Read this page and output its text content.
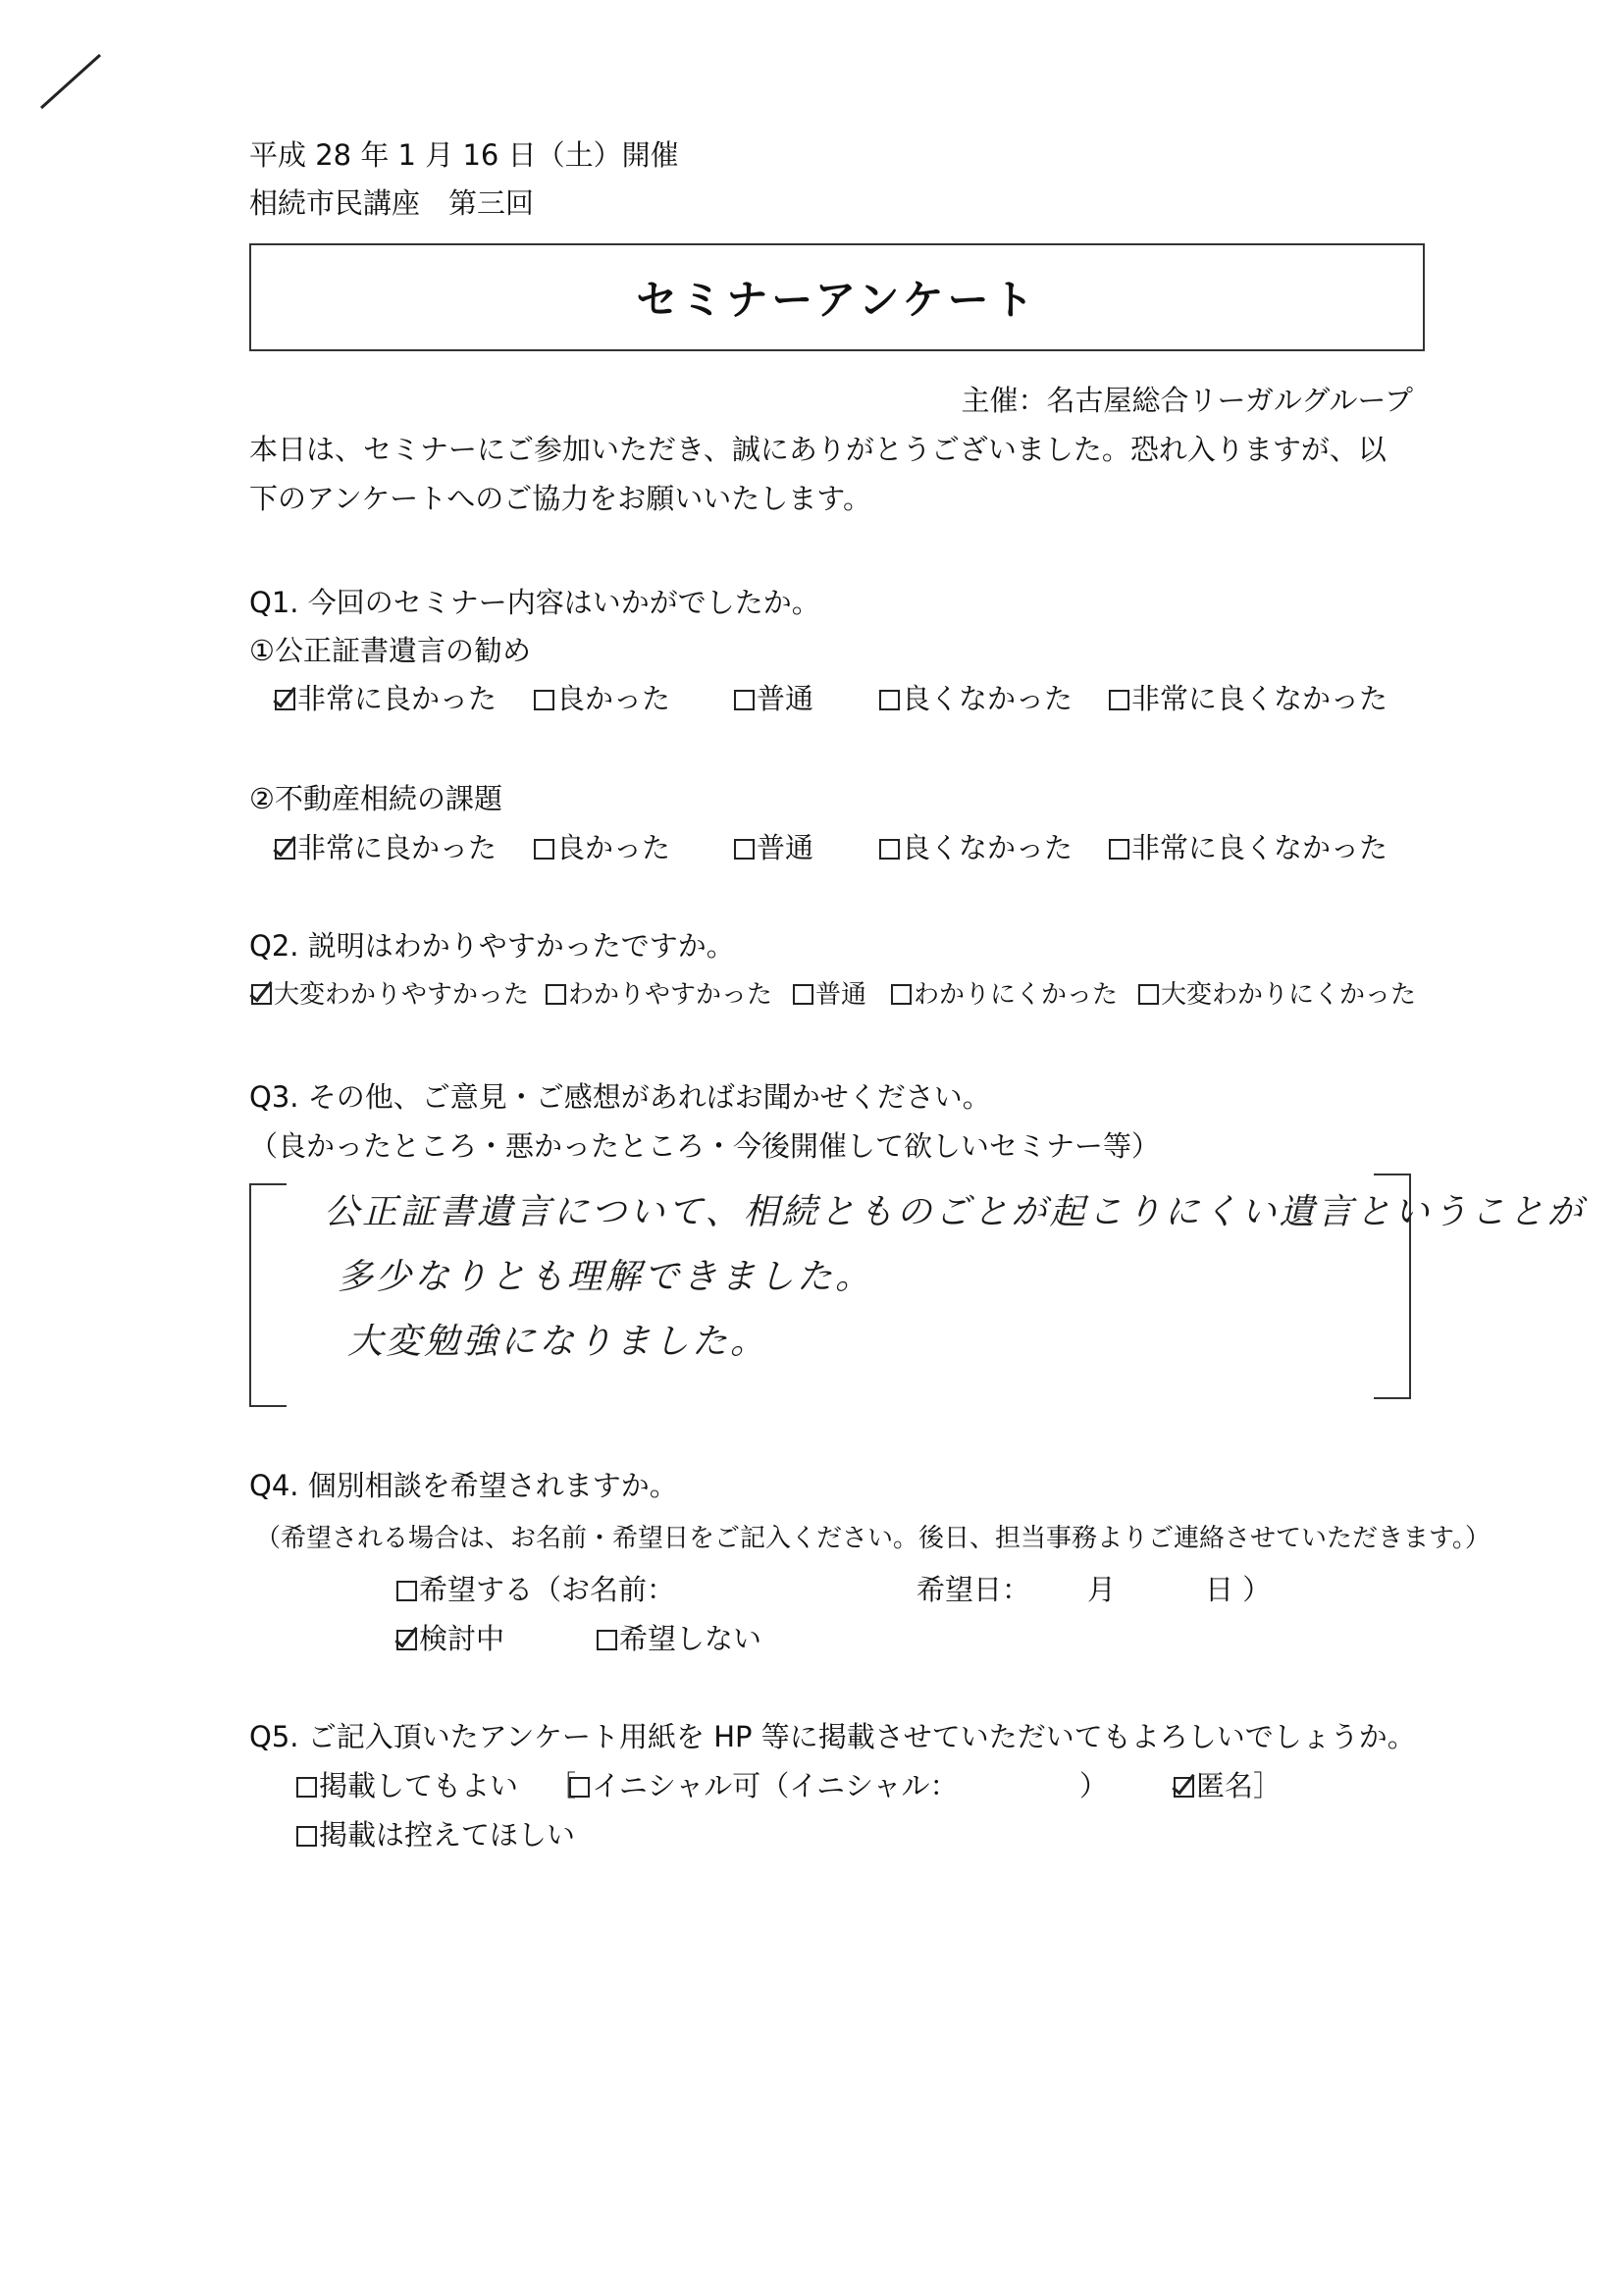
平成 28 年 1 月 16 日（土）開催
相続市民講座　第三回
セミナーアンケート
主催：名古屋総合リーガルグループ
本日は、セミナーにご参加いただき、誠にありがとうございました。恐れ入りますが、以
下のアンケートへのご協力をお願いいたします。
Q1. 今回のセミナー内容はいかがでしたか。
①公正証書遺言の勧め
非常に良かった	良かった	普通	良くなかった	非常に良くなかった
②不動産相続の課題
非常に良かった	良かった	普通	良くなかった	非常に良くなかった
Q2. 説明はわかりやすかったですか。
大変わかりやすかった	わかりやすかった	普通	わかりにくかった	大変わかりにくかった
Q3. その他、ご意見・ご感想があればお聞かせください。
（良かったところ・悪かったところ・今後開催して欲しいセミナー等）
公正証書遺言について、相続とものごとが起こりにくい遺言ということが
多少なりとも理解できました。
大変勉強になりました。
Q4. 個別相談を希望されますか。
（希望される場合は、お名前・希望日をご記入ください。後日、担当事務よりご連絡させていただきます。）
希望する（お名前：	希望日： 月	日 ）
検討中	希望しない
Q5. ご記入頂いたアンケート用紙を HP 等に掲載させていただいてもよろしいでしょうか。
掲載してもよい ［ イニシャル可（イニシャル：	）	匿名］
掲載は控えてほしい
